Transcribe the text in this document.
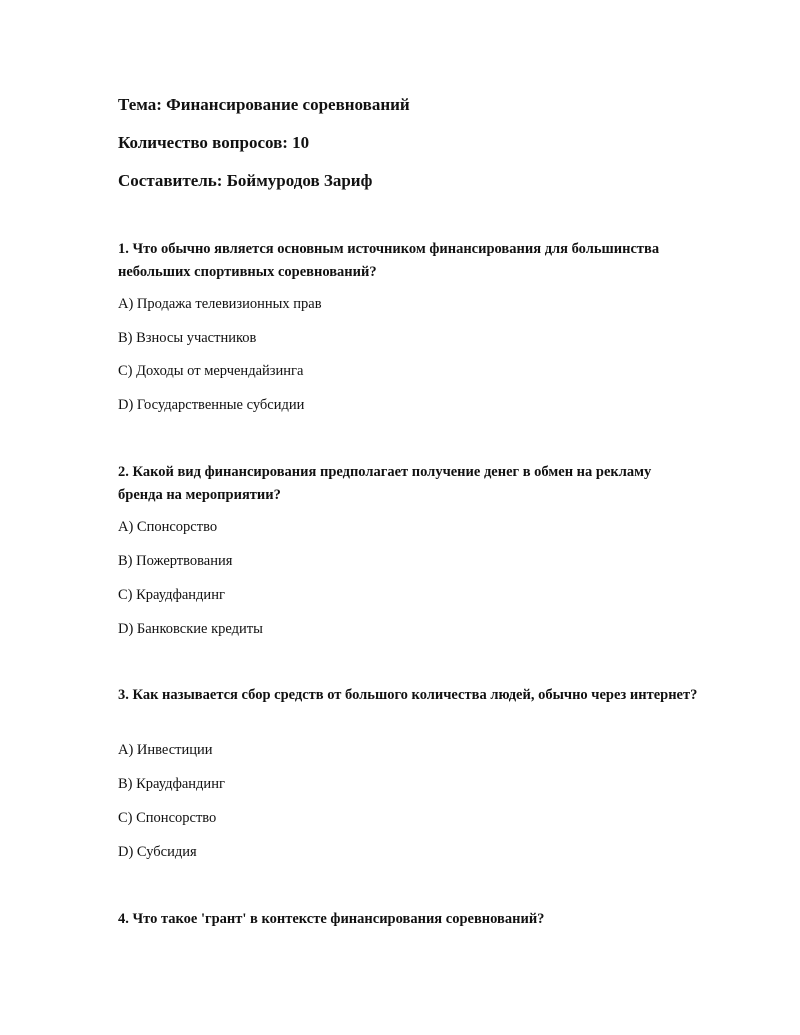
Тема: Финансирование соревнований
Количество вопросов: 10
Составитель: Боймуродов Зариф
1. Что обычно является основным источником финансирования для большинства небольших спортивных соревнований?
A) Продажа телевизионных прав
B) Взносы участников
C) Доходы от мерчендайзинга
D) Государственные субсидии
2. Какой вид финансирования предполагает получение денег в обмен на рекламу бренда на мероприятии?
A) Спонсорство
B) Пожертвования
C) Краудфандинг
D) Банковские кредиты
3. Как называется сбор средств от большого количества людей, обычно через интернет?
A) Инвестиции
B) Краудфандинг
C) Спонсорство
D) Субсидия
4. Что такое 'грант' в контексте финансирования соревнований?
